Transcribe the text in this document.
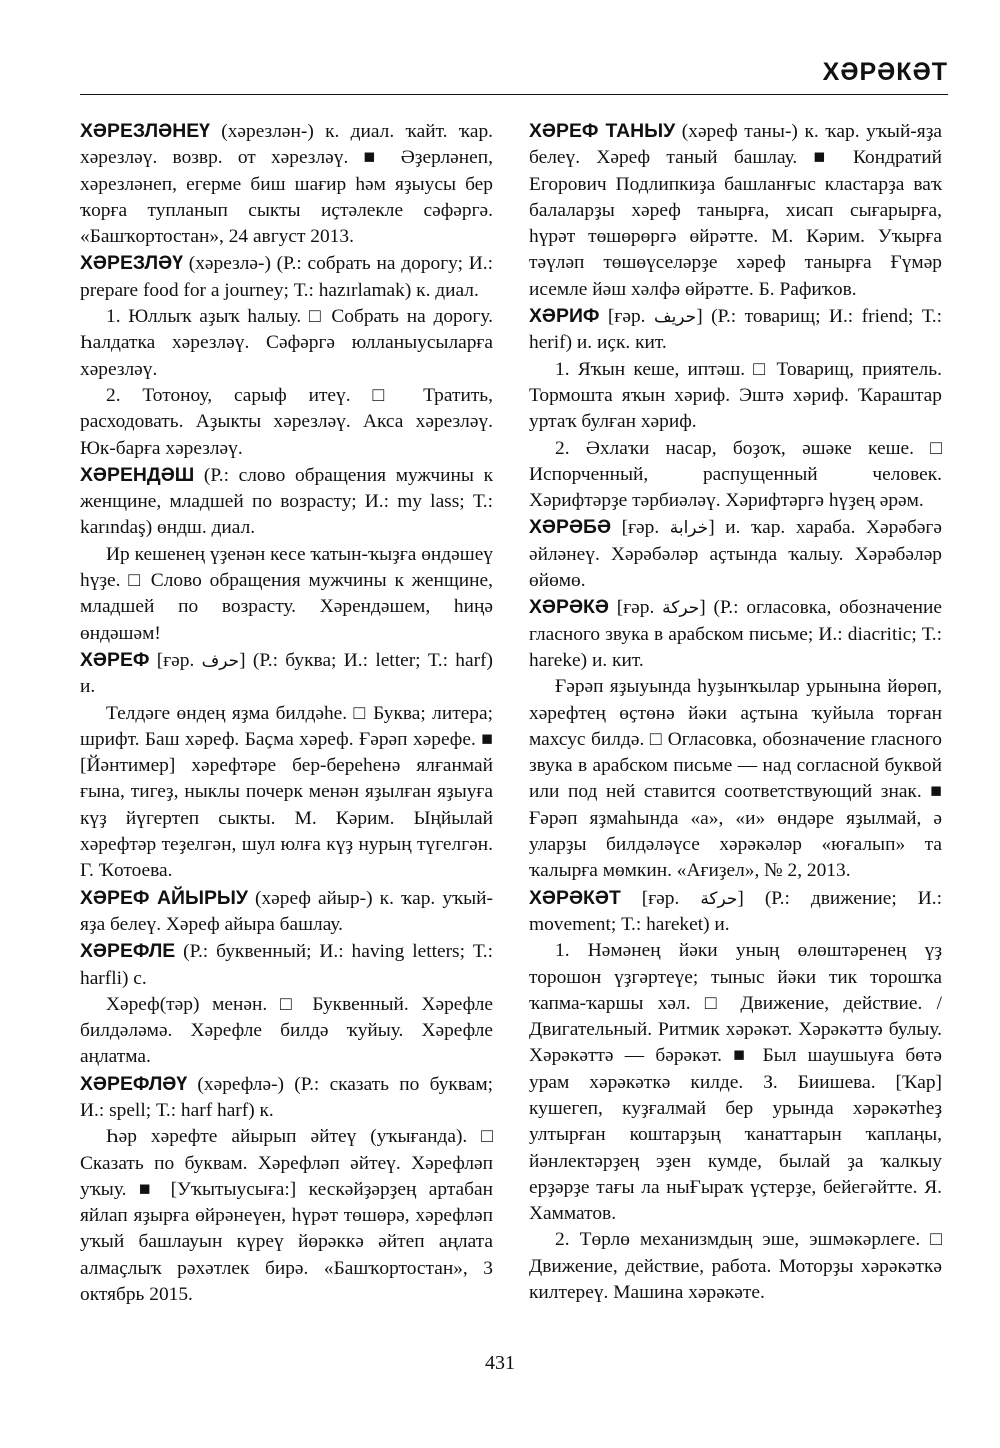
ХӘРӘКӘТ

ХӘРЕЗЛӘНЕҮ (хәрезлән-) к. диал. ҡайт. ҡар. хәрезләү. возвр. от хәрезләү. ■ Әҙерләнеп, хәрезләнеп, егерме биш шағир һәм яҙыусы бер ҡорға тупланып сыкты иҫтәлекле сәфәргә. «Башҡортостан», 24 август 2013.

ХӘРЕЗЛӘҮ (хәрезлә-) (Р.: собрать на дорогу; И.: prepare food for a journey; Т.: hazırlamak) к. диал.

1. Юллыҡ аҙыҡ һалыу. □ Собрать на дорогу. Һалдатка хәрезләү. Сәфәргә юлланыусыларға хәрезләү.

2. Тотоноу, сарыф итеү. □ Тратить, расходовать. Аҙыкты хәрезләү. Акса хәрезләү. Юк-барға хәрезләү.

ХӘРЕНДӘШ (Р.: слово обращения мужчины к женщине, младшей по возрасту; И.: my lass; Т.: karındaş) өндш. диал.

Ир кешенең үҙенән кесе ҡатын-ҡыҙға өндәшеү һүҙе. □ Слово обращения мужчины к женщине, младшей по возрасту. Хәрендәшем, һиңә өндәшәм!

ХӘРЕФ [ғәр. حرف] (Р.: буква; И.: letter; Т.: harf) и.

Телдәге өндең яҙма билдәһе. □ Буква; литера; шрифт. Баш хәреф. Баҫма хәреф. Ғәрәп хәрефе. ■ [Йәнтимер] хәрефтәре бер-береһенә ялғанмай ғына, тигеҙ, ныклы почерк менән яҙылған яҙыуға күҙ йүгертеп сыкты. М. Кәрим. Ыңйылай хәрефтәр теҙелгән, шул юлға күҙ нурың түгелгән. Г. Ҡотоева.

ХӘРЕФ АЙЫРЫУ (хәреф айыр-) к. ҡар. уҡый-яҙа белеү. Хәреф айыра башлау.

ХӘРЕФЛЕ (Р.: буквенный; И.: having letters; Т.: harfli) с.

Хәреф(тәр) менән. □ Буквенный. Хәрефле билдәләмә. Хәрефле билдә ҡуйыу. Хәрефле аңлатма.

ХӘРЕФЛӘҮ (хәрефлә-) (Р.: сказать по буквам; И.: spell; Т.: harf harf) к.

Һәр хәрефте айырып әйтеү (уҡығанда). □ Сказать по буквам. Хәрефләп әйтеү. Хәрефләп уҡыу. ■ [Уҡытыусыға:] кескәйҙәрҙең артабан яйлап яҙырға өйрәнеүен, һүрәт төшөрә, хәрефләп уҡый башлауын күреү йөрәккә әйтеп аңлата алмаҫлыҡ рәхәтлек бирә. «Башҡортостан», 3 октябрь 2015.

ХӘРЕФ ТАНЫУ (хәреф таны-) к. ҡар. уҡый-яҙа белеү. Хәреф таный башлау. ■ Кондратий Егорович Подлипкиҙа башланғыс кластарҙа ваҡ балаларҙы хәреф танырға, хисап сығарырға, һүрәт төшөрөргә өйрәтте. М. Кәрим. Уҡырға тәүләп төшөүселәрҙе хәреф танырға Ғүмәр исемле йәш хәлфә өйрәтте. Б. Рафиҡов.

ХӘРИФ [ғәр. حريف] (Р.: товарищ; И.: friend; Т.: herif) и. иҫк. кит.

1. Яҡын кеше, иптәш. □ Товарищ, приятель. Тормошта яҡын хәриф. Эштә хәриф. Ҡараштар уртаҡ булған хәриф.

2. Әхлаҡи насар, боҙоҡ, әшәке кеше. □ Испорченный, распущенный человек. Хәрифтәрҙе тәрбиәләү. Хәрифтәргә һүҙең әрәм.

ХӘРӘБӘ [ғәр. خرابة] и. ҡар. хараба. Хәрәбәгә әйләнеү. Хәрәбәләр аҫтында ҡалыу. Хәрәбәләр өйөмө.

ХӘРӘКӘ [ғәр. حركة] (Р.: огласовка, обозначение гласного звука в арабском письме; И.: diacritic; Т.: hareke) и. кит.

Ғәрәп яҙыуында һуҙынҡылар урынына йөрөп, хәрефтең өҫтөнә йәки аҫтына ҡуйыла торған махсус билдә. □ Огласовка, обозначение гласного звука в арабском письме — над согласной буквой или под ней ставится соответствующий знак. ■ Ғәрәп яҙмаһында «а», «и» өндәре яҙылмай, ә уларҙы билдәләүсе хәрәкәләр «юғалып» та ҡалырға мөмкин. «Ағиҙел», № 2, 2013.

ХӘРӘКӘТ [ғәр. حركة] (Р.: движение; И.: movement; Т.: hareket) и.

1. Нәмәнең йәки уның өлөштәренең үҙ торошон үҙгәртеүе; тыныс йәки тик торошҡа ҡапма-ҡаршы хәл. □ Движение, действие. / Двигательный. Ритмик хәрәкәт. Хәрәкәттә булыу. Хәрәкәттә — бәрәкәт. ■ Был шаушыуға бөтә урам хәрәкәткә килде. З. Биишева. [Ҡар] кушегеп, куҙғалмай бер урында хәрәкәтһеҙ ултырған коштарҙың ҡанаттарын ҡаплаңы, йәнлектәрҙең эҙен кумде, былай ҙа ҡалкыу ерҙәрҙе тағы ла ныҒыраҡ үҫтерҙе, бейегәйтте. Я. Хамматов.

2. Төрлө механизмдың эше, эшмәкәрлеге. □ Движение, действие, работа. Моторҙы хәрәкәткә килтереү. Машина хәрәкәте.

431
